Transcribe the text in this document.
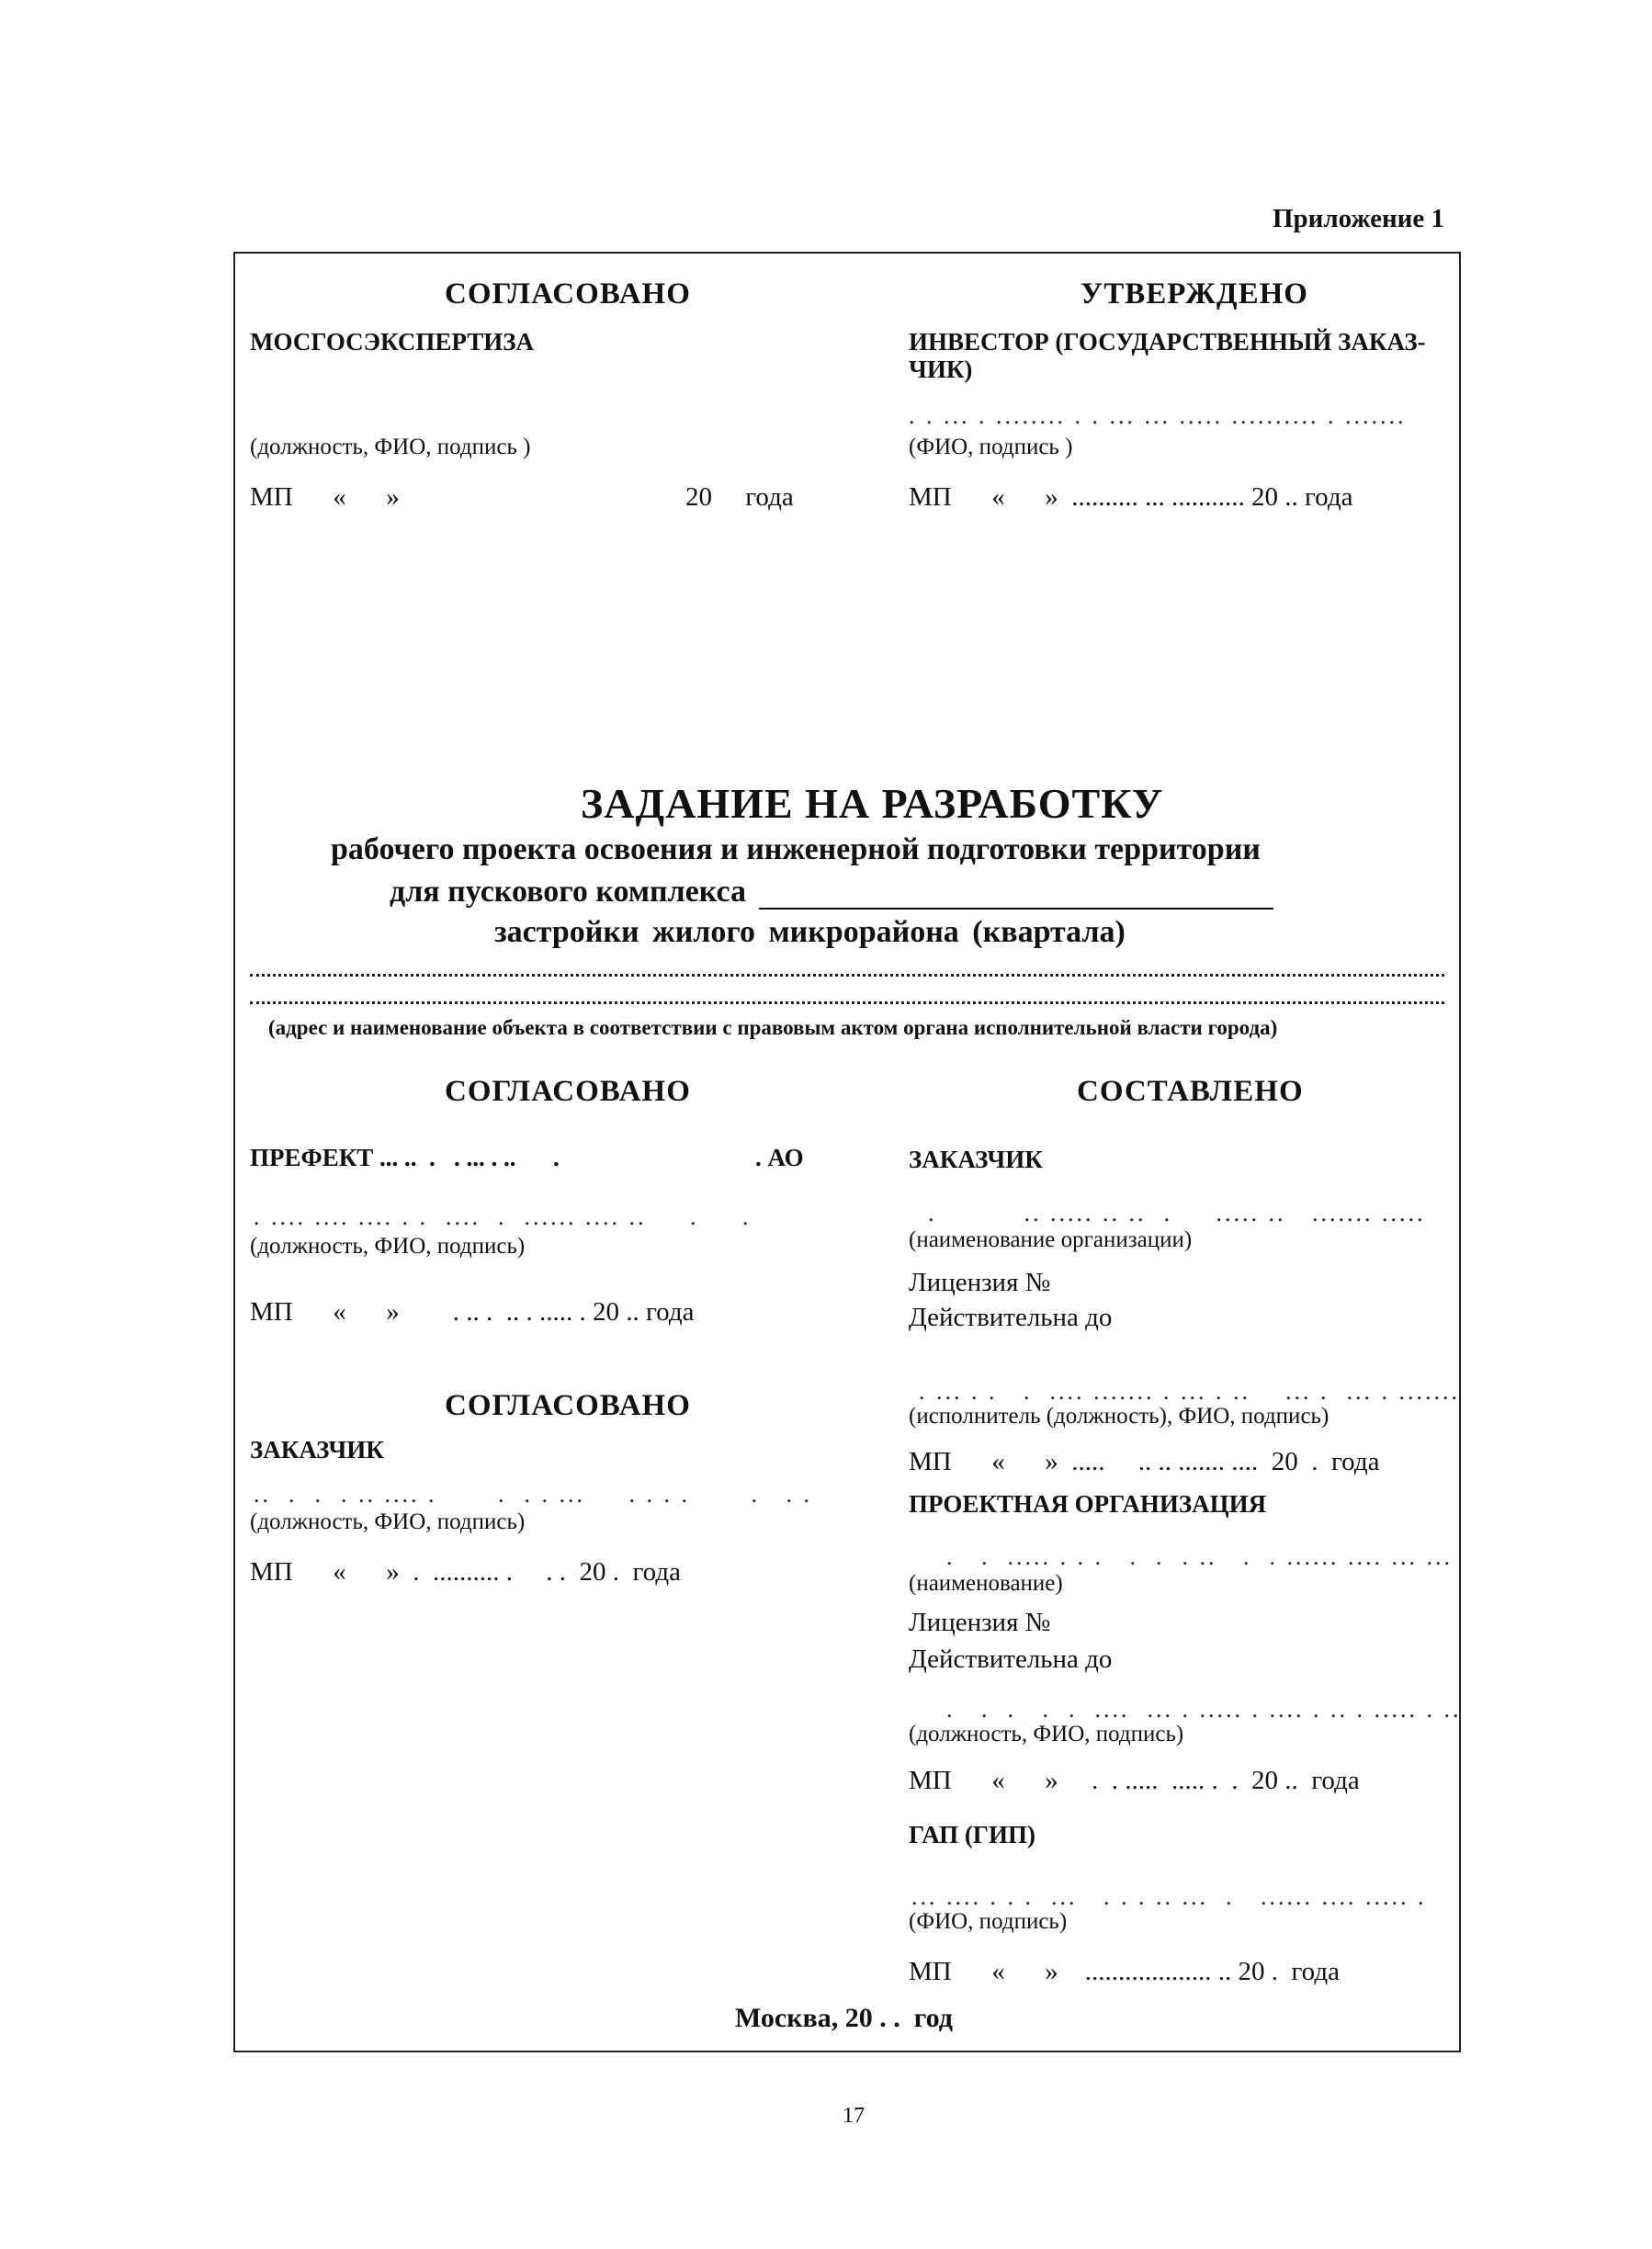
Приложение 1
СОГЛАСОВАНО
МОСГОСЭКСПЕРТИЗА
(должность, ФИО, подпись )
МП      «      »	20     года
УТВЕРЖДЕНО
ИНВЕСТОР (ГОСУДАРСТВЕННЫЙ ЗАКАЗ-
ЧИК)
. . ... . ........ . . ... ... ..... .......... . .......
(ФИО, подпись )
МП      «      »  .......... ... ........... 20 .. года
ЗАДАНИЕ НА РАЗРАБОТКУ
рабочего проекта освоения и инженерной подготовки территории
для пускового комплекса
застройки жилого микрорайона (квартала)
(адрес и наименование объекта в соответствии с правовым актом органа исполнительной власти города)
СОГЛАСОВАНО
ПРЕФЕКТ ... ..  .   . ... . ..      .	. АО
. .... .... .... . .  ....  .  ...... .... ..     .     .
(должность, ФИО, подпись)
МП      «      »        . .. .  .. . ..... . 20 .. года
СОГЛАСОВАНО
ЗАКАЗЧИК
..  .  .  . .. .... .       .  . . ...     . . . .       .   . .
(должность, ФИО, подпись)
МП      «      »  .  .......... .     . .  20 .  года
СОСТАВЛЕНО
ЗАКАЗЧИК
.          .. ..... .. ..  .     ..... ..   ....... .....
(наименование организации)
Лицензия №
Действительна до
. ... . .   .  .... ....... . ... . ..    ... .  ... . .......
(исполнитель (должность), ФИО, подпись)
МП      «      »  .....     .. .. ....... ....  20  .  года
ПРОЕКТНАЯ ОРГАНИЗАЦИЯ
.   .  ..... . . .   .  .  . ..   .  . ...... .... ... ...
(наименование)
Лицензия №
Действительна до
.   .  .   .  .  ....  ... . ..... . .... . .. . ..... . ..
(должность, ФИО, подпись)
МП      «      »     .  . .....  ..... .  .  20 ..  года
ГАП (ГИП)
... .... . . .  ...   . . . .. ...  .   ...... .... ..... .
(ФИО, подпись)
МП      «      »    ................... .. 20 .  года
Москва, 20 . .  год
17
